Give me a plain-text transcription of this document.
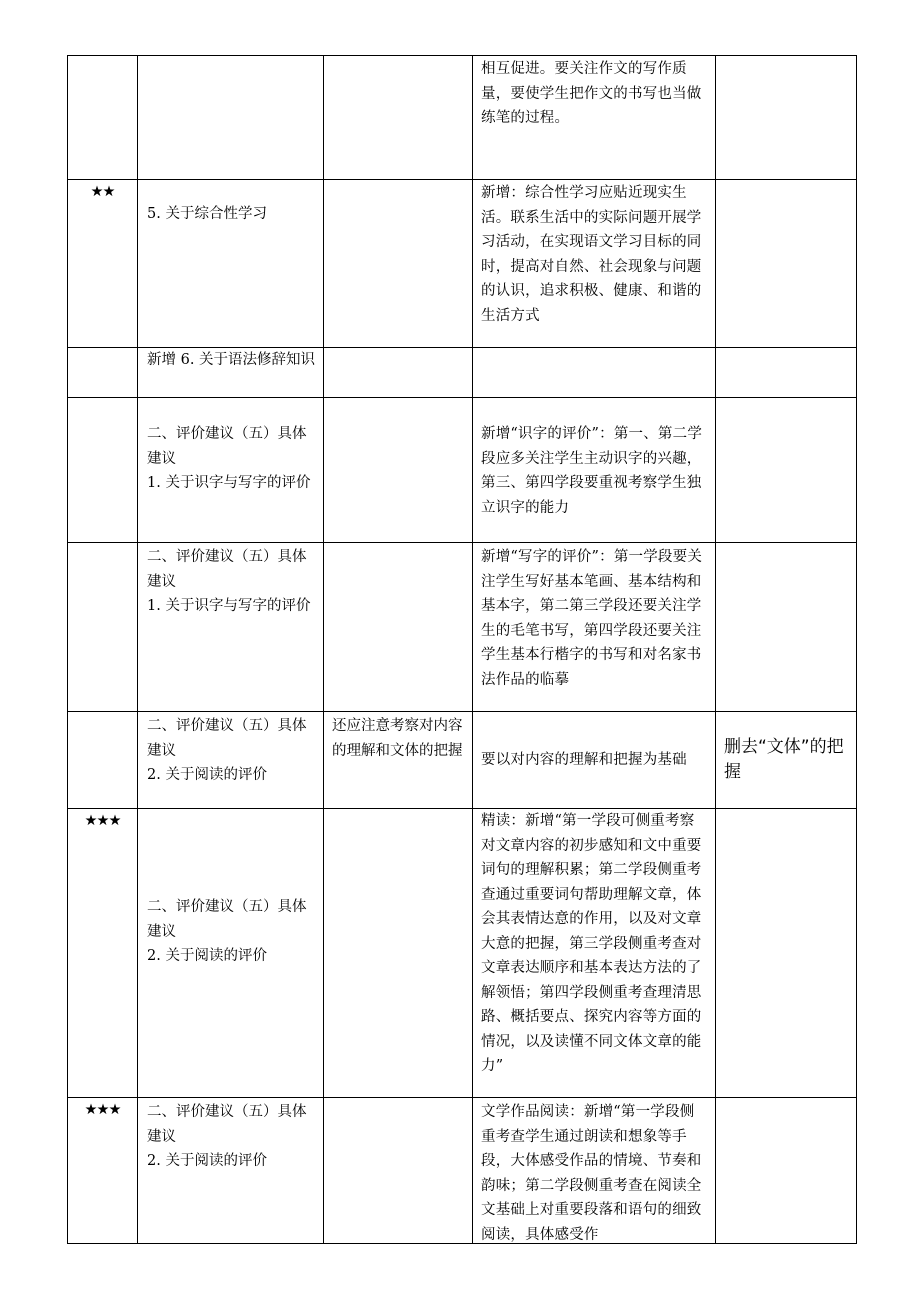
			相互促进。要关注作文的写作质量，要使学生把作文的书写也当做练笔的过程。	

★★	5. 关于综合性学习		新增：综合性学习应贴近现实生活。联系生活中的实际问题开展学习活动，在实现语文学习目标的同时，提高对自然、社会现象与问题的认识，追求积极、健康、和谐的生活方式	

	新增 6. 关于语法修辞知识			

	二、评价建议（五）具体建议
1. 关于识字与写字的评价		新增“识字的评价”：第一、第二学段应多关注学生主动识字的兴趣，第三、第四学段要重视考察学生独立识字的能力	

	二、评价建议（五）具体建议
1. 关于识字与写字的评价		新增“写字的评价”：第一学段要关注学生写好基本笔画、基本结构和基本字，第二第三学段还要关注学生的毛笔书写，第四学段还要关注学生基本行楷字的书写和对名家书法作品的临摹	

	二、评价建议（五）具体建议
2. 关于阅读的评价	还应注意考察对内容的理解和文体的把握	要以对内容的理解和把握为基础	删去“文体”的把握

★★★	二、评价建议（五）具体建议
2. 关于阅读的评价		精读：新增“第一学段可侧重考察对文章内容的初步感知和文中重要词句的理解积累；第二学段侧重考查通过重要词句帮助理解文章，体会其表情达意的作用，以及对文章大意的把握，第三学段侧重考查对文章表达顺序和基本表达方法的了解领悟；第四学段侧重考查理清思路、概括要点、探究内容等方面的情况，以及读懂不同文体文章的能力”	

★★★	二、评价建议（五）具体建议
2. 关于阅读的评价		文学作品阅读：新增“第一学段侧重考查学生通过朗读和想象等手段，大体感受作品的情境、节奏和韵味；第二学段侧重考查在阅读全文基础上对重要段落和语句的细致阅读，具体感受作	
